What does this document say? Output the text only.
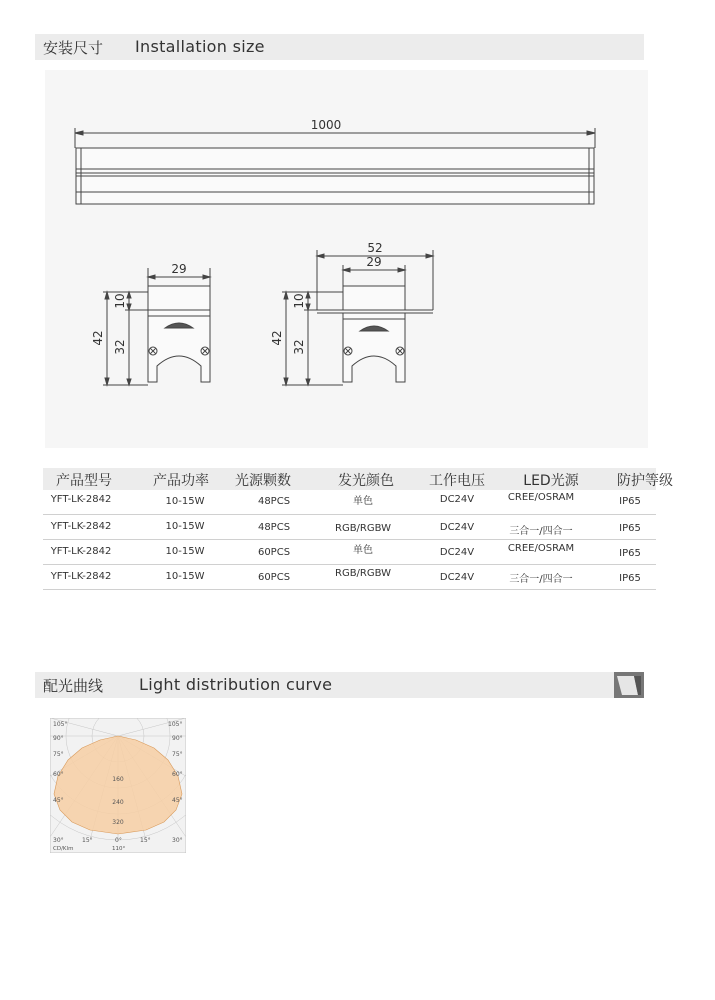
安装尺寸 Installation size
1000
29
10
42
32
52
29
10
42
32
产品型号	产品功率 光源颗数	发光颜色	工作电压	LED光源	防护等级
YFT-LK-2842	10-15W	48PCS	单色	DC24V	CREE/OSRAM	IP65
YFT-LK-2842	10-15W	48PCS	RGB/RGBW	DC24V	三合一/四合一	IP65
YFT-LK-2842	10-15W	60PCS	单色	DC24V	CREE/OSRAM	IP65
YFT-LK-2842	10-15W	60PCS	RGB/RGBW	DC24V	三合一/四合一	IP65
配光曲线 Light distribution curve
105°	105°
90°	90°
75°	75°
60°	60°
45°	45°
30°	30°
15°	15°
0°
160
240
320
CD/Klm	110°
